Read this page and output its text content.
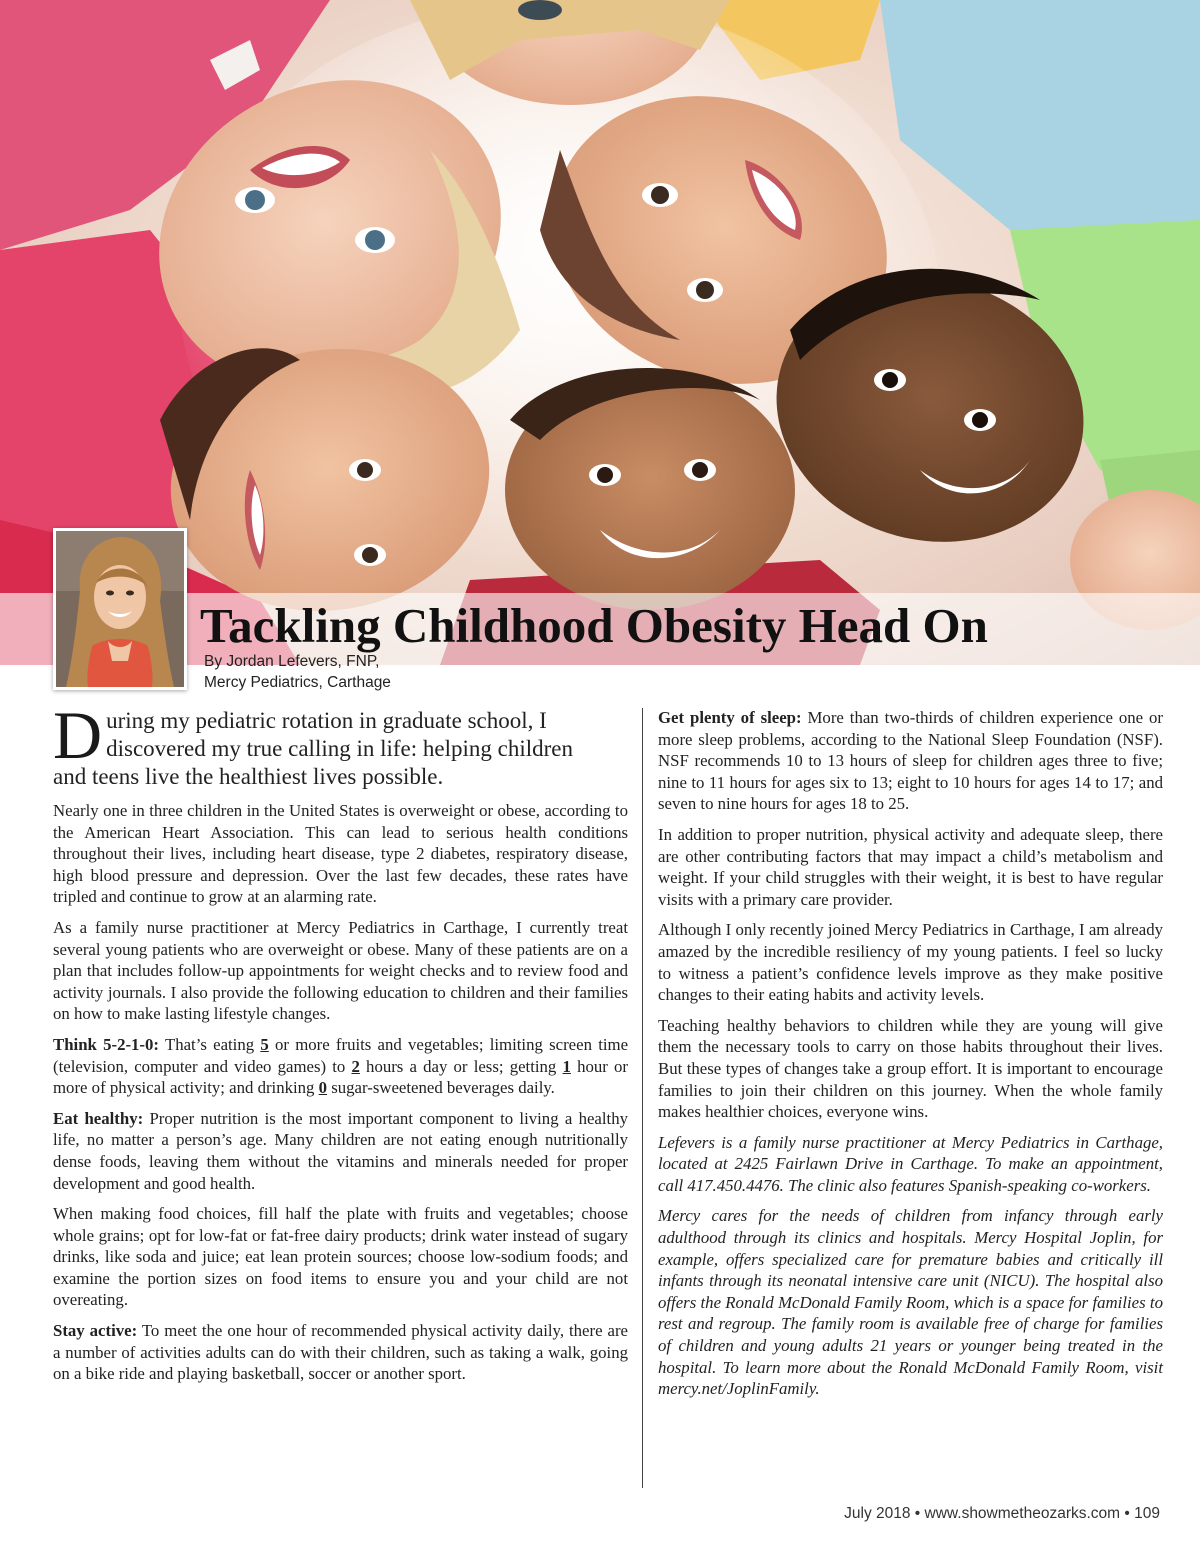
Tackling Childhood Obesity Head On
By Jordan Lefevers, FNP,
Mercy Pediatrics, Carthage
D uring my pediatric rotation in graduate school, I
discovered my true calling in life: helping children
and teens live the healthiest lives possible.

Nearly one in three children in the United States is overweight or obese, according to the American Heart Association. This can lead to serious health conditions throughout their lives, including heart disease, type 2 diabetes, respiratory disease, high blood pressure and depression. Over the last few decades, these rates have tripled and continue to grow at an alarming rate.

As a family nurse practitioner at Mercy Pediatrics in Carthage, I currently treat several young patients who are overweight or obese. Many of these patients are on a plan that includes follow-up appointments for weight checks and to review food and activity journals. I also provide the following education to children and their families on how to make lasting lifestyle changes.

Think 5-2-1-0: That’s eating 5 or more fruits and vegetables; limiting screen time (television, computer and video games) to 2 hours a day or less; getting 1 hour or more of physical activity; and drinking 0 sugar-sweetened beverages daily.

Eat healthy: Proper nutrition is the most important component to living a healthy life, no matter a person’s age. Many children are not eating enough nutritionally dense foods, leaving them without the vitamins and minerals needed for proper development and good health.

When making food choices, fill half the plate with fruits and vegetables; choose whole grains; opt for low-fat or fat-free dairy products; drink water instead of sugary drinks, like soda and juice; eat lean protein sources; choose low-sodium foods; and examine the portion sizes on food items to ensure you and your child are not overeating.

Stay active: To meet the one hour of recommended physical activity daily, there are a number of activities adults can do with their children, such as taking a walk, going on a bike ride and playing basketball, soccer or another sport.

Get plenty of sleep: More than two-thirds of children experience one or more sleep problems, according to the National Sleep Foundation (NSF). NSF recommends 10 to 13 hours of sleep for children ages three to five; nine to 11 hours for ages six to 13; eight to 10 hours for ages 14 to 17; and seven to nine hours for ages 18 to 25.

In addition to proper nutrition, physical activity and adequate sleep, there are other contributing factors that may impact a child’s metabolism and weight. If your child struggles with their weight, it is best to have regular visits with a primary care provider.

Although I only recently joined Mercy Pediatrics in Carthage, I am already amazed by the incredible resiliency of my young patients. I feel so lucky to witness a patient’s confidence levels improve as they make positive changes to their eating habits and activity levels.

Teaching healthy behaviors to children while they are young will give them the necessary tools to carry on those habits throughout their lives. But these types of changes take a group effort. It is important to encourage families to join their children on this journey. When the whole family makes healthier choices, everyone wins.

Lefevers is a family nurse practitioner at Mercy Pediatrics in Carthage, located at 2425 Fairlawn Drive in Carthage. To make an appointment, call 417.450.4476. The clinic also features Spanish-speaking co-workers.

Mercy cares for the needs of children from infancy through early adulthood through its clinics and hospitals. Mercy Hospital Joplin, for example, offers specialized care for premature babies and critically ill infants through its neonatal intensive care unit (NICU). The hospital also offers the Ronald McDonald Family Room, which is a space for families to rest and regroup. The family room is available free of charge for families of children and young adults 21 years or younger being treated in the hospital. To learn more about the Ronald McDonald Family Room, visit mercy.net/JoplinFamily.

July 2018 • www.showmetheozarks.com • 109
